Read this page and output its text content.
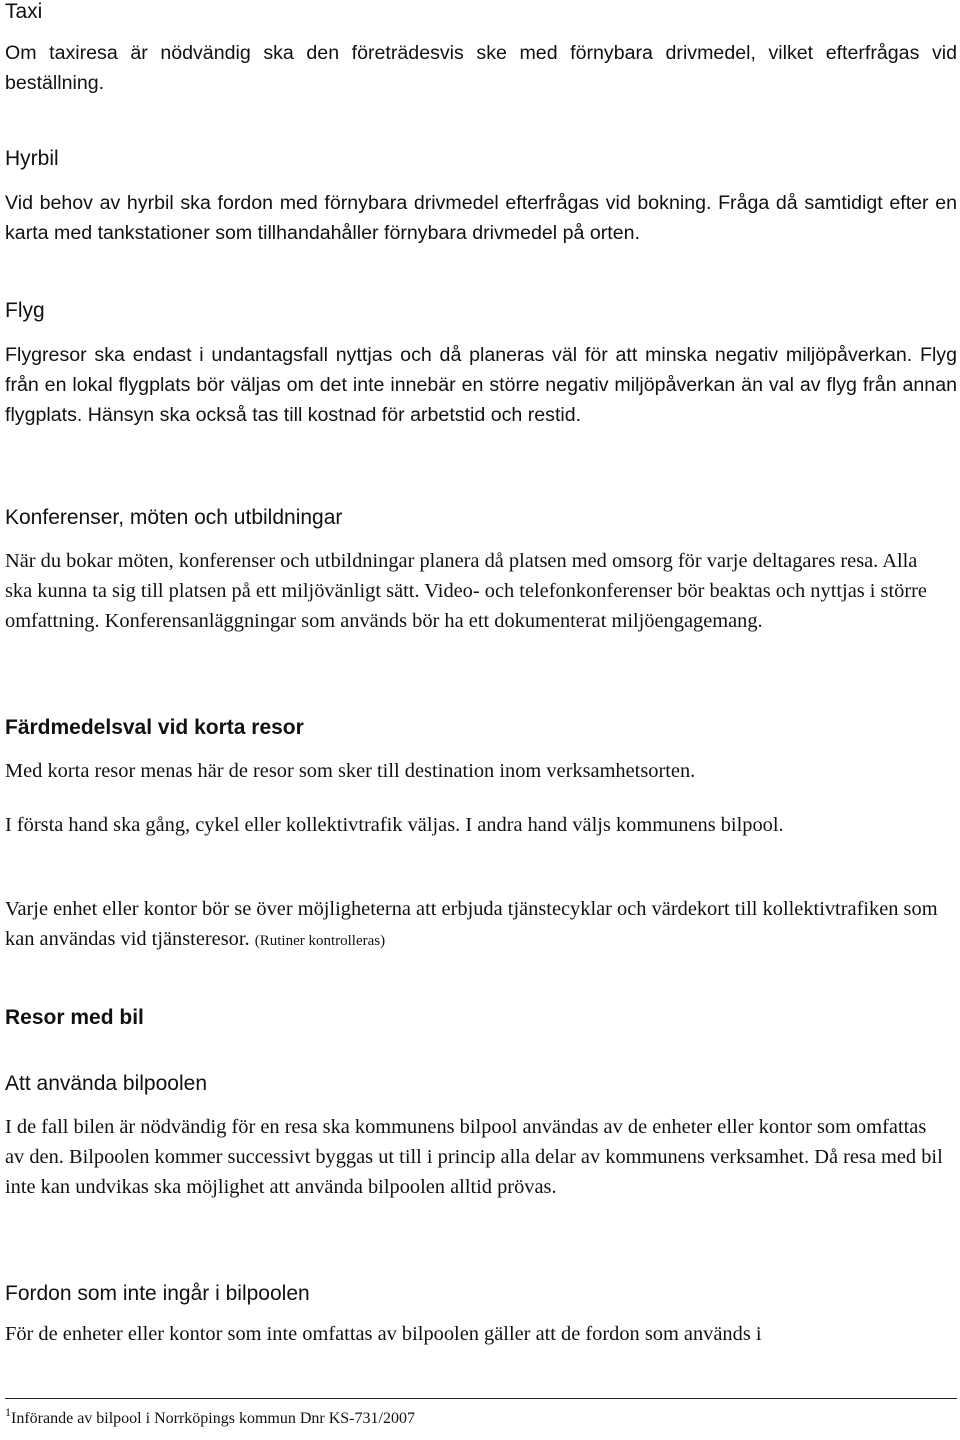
Taxi

Om taxiresa är nödvändig ska den företrädesvis ske med förnybara drivmedel, vilket efterfrågas vid beställning.

Hyrbil

Vid behov av hyrbil ska fordon med förnybara drivmedel efterfrågas vid bokning. Fråga då samtidigt efter en karta med tankstationer som tillhandahåller förnybara drivmedel på orten.

Flyg

Flygresor ska endast i undantagsfall nyttjas och då planeras väl för att minska negativ miljöpåverkan. Flyg från en lokal flygplats bör väljas om det inte innebär en större negativ miljöpåverkan än val av flyg från annan flygplats. Hänsyn ska också tas till kostnad för arbetstid och restid.

Konferenser, möten och utbildningar

När du bokar möten, konferenser och utbildningar planera då platsen med omsorg för varje deltagares resa. Alla ska kunna ta sig till platsen på ett miljövänligt sätt. Video- och telefonkonferenser bör beaktas och nyttjas i större omfattning. Konferensanläggningar som används bör ha ett dokumenterat miljöengagemang.

Färdmedelsval vid korta resor

Med korta resor menas här de resor som sker till destination inom verksamhetsorten.

I första hand ska gång, cykel eller kollektivtrafik väljas. I andra hand väljs kommunens bilpool.

Varje enhet eller kontor bör se över möjligheterna att erbjuda tjänstecyklar och värdekort till kollektivtrafiken som kan användas vid tjänsteresor. (Rutiner kontrolleras)

Resor med bil
Att använda bilpoolen

I de fall bilen är nödvändig för en resa ska kommunens bilpool användas av de enheter eller kontor som omfattas av den. Bilpoolen kommer successivt byggas ut till i princip alla delar av kommunens verksamhet. Då resa med bil inte kan undvikas ska möjlighet att använda bilpoolen alltid prövas.

Fordon som inte ingår i bilpoolen

För de enheter eller kontor som inte omfattas av bilpoolen gäller att de fordon som används i

$^1$Införande av bilpool i Norrköpings kommun Dnr KS-731/2007
